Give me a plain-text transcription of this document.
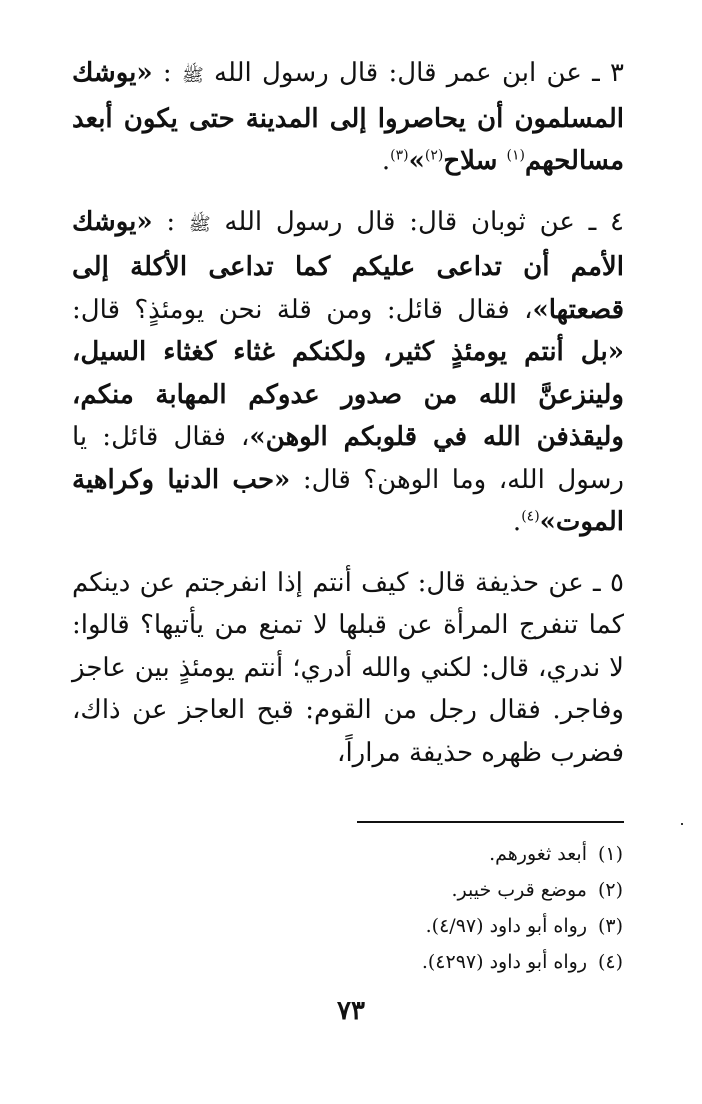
٣ ـ عن ابن عمر قال: قال رسول الله ﷺ : «يوشك المسلمون أن يحاصروا إلى المدينة حتى يكون أبعد مسالحهم$^{(١)}$ سلاح$^{(٢)}$»$^{(٣)}$.

٤ ـ عن ثوبان قال: قال رسول الله ﷺ : «يوشك الأمم أن تداعى عليكم كما تداعى الأكلة إلى قصعتها»، فقال قائل: ومن قلة نحن يومئذٍ؟ قال: «بل أنتم يومئذٍ كثير، ولكنكم غثاء كغثاء السيل، ولينزعنَّ الله من صدور عدوكم المهابة منكم، وليقذفن الله في قلوبكم الوهن»، فقال قائل: يا رسول الله، وما الوهن؟ قال: «حب الدنيا وكراهية الموت»$^{(٤)}$.

٥ ـ عن حذيفة قال: كيف أنتم إذا انفرجتم عن دينكم كما تنفرج المرأة عن قبلها لا تمنع من يأتيها؟ قالوا: لا ندري، قال: لكني والله أدري؛ أنتم يومئذٍ بين عاجز وفاجر. فقال رجل من القوم: قبح العاجز عن ذاك، فضرب ظهره حذيفة مراراً،

(١)أبعد ثغورهم.
(٢)موضع قرب خيبر.
(٣)رواه أبو داود (٤/٩٧).
(٤)رواه أبو داود (٤٢٩٧).
٧٣
